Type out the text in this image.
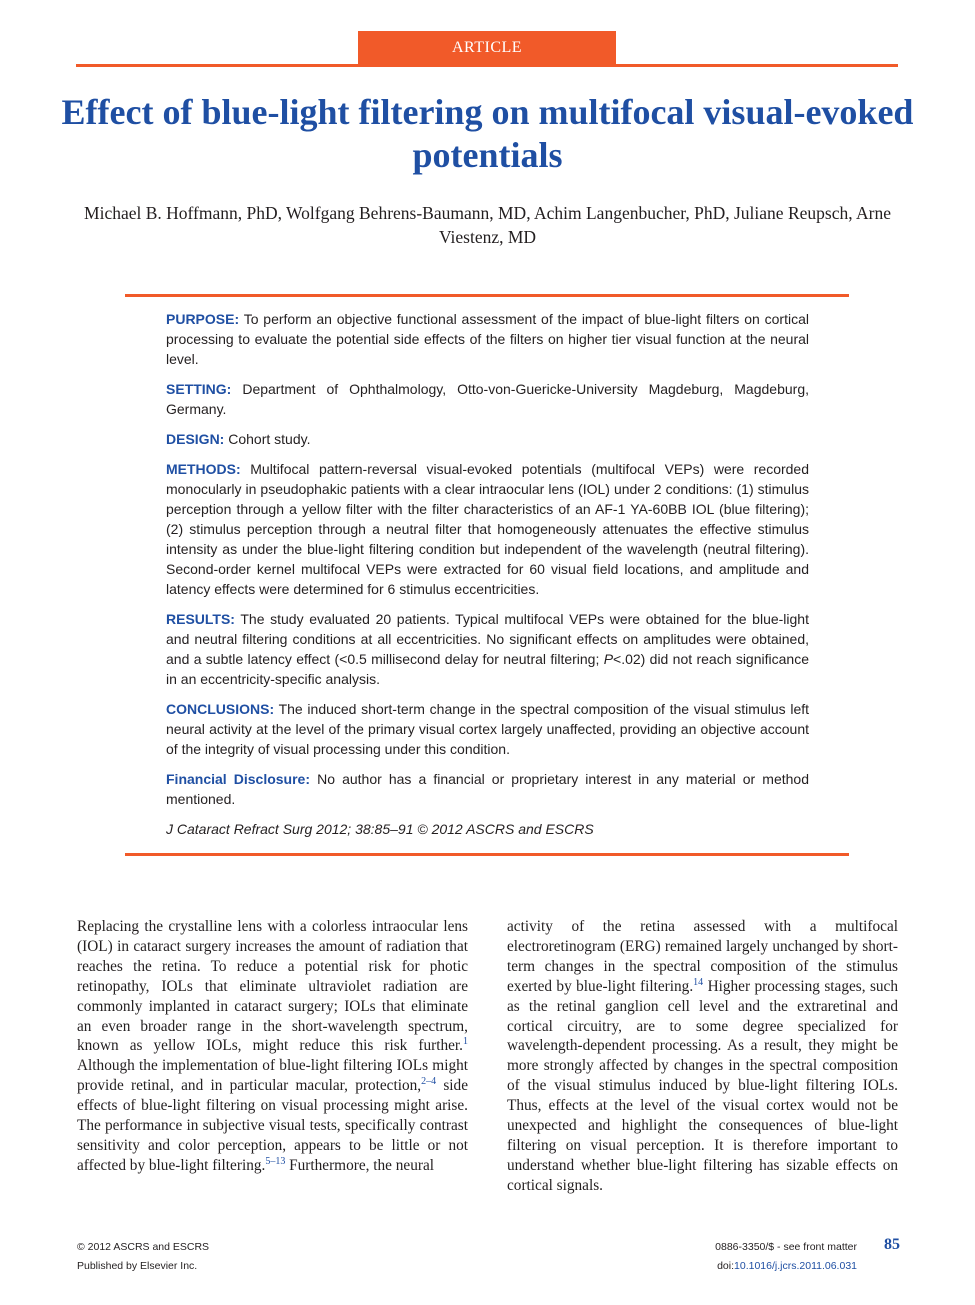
ARTICLE
Effect of blue-light filtering on multifocal visual-evoked potentials
Michael B. Hoffmann, PhD, Wolfgang Behrens-Baumann, MD, Achim Langenbucher, PhD, Juliane Reupsch, Arne Viestenz, MD

PURPOSE: To perform an objective functional assessment of the impact of blue-light filters on cortical processing to evaluate the potential side effects of the filters on higher tier visual function at the neural level.

SETTING: Department of Ophthalmology, Otto-von-Guericke-University Magdeburg, Magdeburg, Germany.

DESIGN: Cohort study.

METHODS: Multifocal pattern-reversal visual-evoked potentials (multifocal VEPs) were recorded monocularly in pseudophakic patients with a clear intraocular lens (IOL) under 2 conditions: (1) stimulus perception through a yellow filter with the filter characteristics of an AF-1 YA-60BB IOL (blue filtering); (2) stimulus perception through a neutral filter that homogeneously attenuates the effective stimulus intensity as under the blue-light filtering condition but independent of the wavelength (neutral filtering). Second-order kernel multifocal VEPs were extracted for 60 visual field locations, and amplitude and latency effects were determined for 6 stimulus eccentricities.

RESULTS: The study evaluated 20 patients. Typical multifocal VEPs were obtained for the blue-light and neutral filtering conditions at all eccentricities. No significant effects on amplitudes were obtained, and a subtle latency effect (<0.5 millisecond delay for neutral filtering; P<.02) did not reach significance in an eccentricity-specific analysis.

CONCLUSIONS: The induced short-term change in the spectral composition of the visual stimulus left neural activity at the level of the primary visual cortex largely unaffected, providing an objective account of the integrity of visual processing under this condition.

Financial Disclosure: No author has a financial or proprietary interest in any material or method mentioned.

J Cataract Refract Surg 2012; 38:85–91 © 2012 ASCRS and ESCRS

Replacing the crystalline lens with a colorless intraocular lens (IOL) in cataract surgery increases the amount of radiation that reaches the retina. To reduce a potential risk for photic retinopathy, IOLs that eliminate ultraviolet radiation are commonly implanted in cataract surgery; IOLs that eliminate an even broader range in the short-wavelength spectrum, known as yellow IOLs, might reduce this risk further.$^1$ Although the implementation of blue-light filtering IOLs might provide retinal, and in particular macular, protection,$^{2-4}$ side effects of blue-light filtering on visual processing might arise. The performance in subjective visual tests, specifically contrast sensitivity and color perception, appears to be little or not affected by blue-light filtering.$^{5-13}$ Furthermore, the neural

activity of the retina assessed with a multifocal electroretinogram (ERG) remained largely unchanged by short-term changes in the spectral composition of the stimulus exerted by blue-light filtering.$^{14}$ Higher processing stages, such as the retinal ganglion cell level and the extraretinal and cortical circuitry, are to some degree specialized for wavelength-dependent processing. As a result, they might be more strongly affected by changes in the spectral composition of the visual stimulus induced by blue-light filtering IOLs. Thus, effects at the level of the visual cortex would not be unexpected and highlight the consequences of blue-light filtering on visual perception. It is therefore important to understand whether blue-light filtering has sizable effects on cortical signals.

© 2012 ASCRS and ESCRS
Published by Elsevier Inc.
0886-3350/$ - see front matter
doi:10.1016/j.jcrs.2011.06.031
85
